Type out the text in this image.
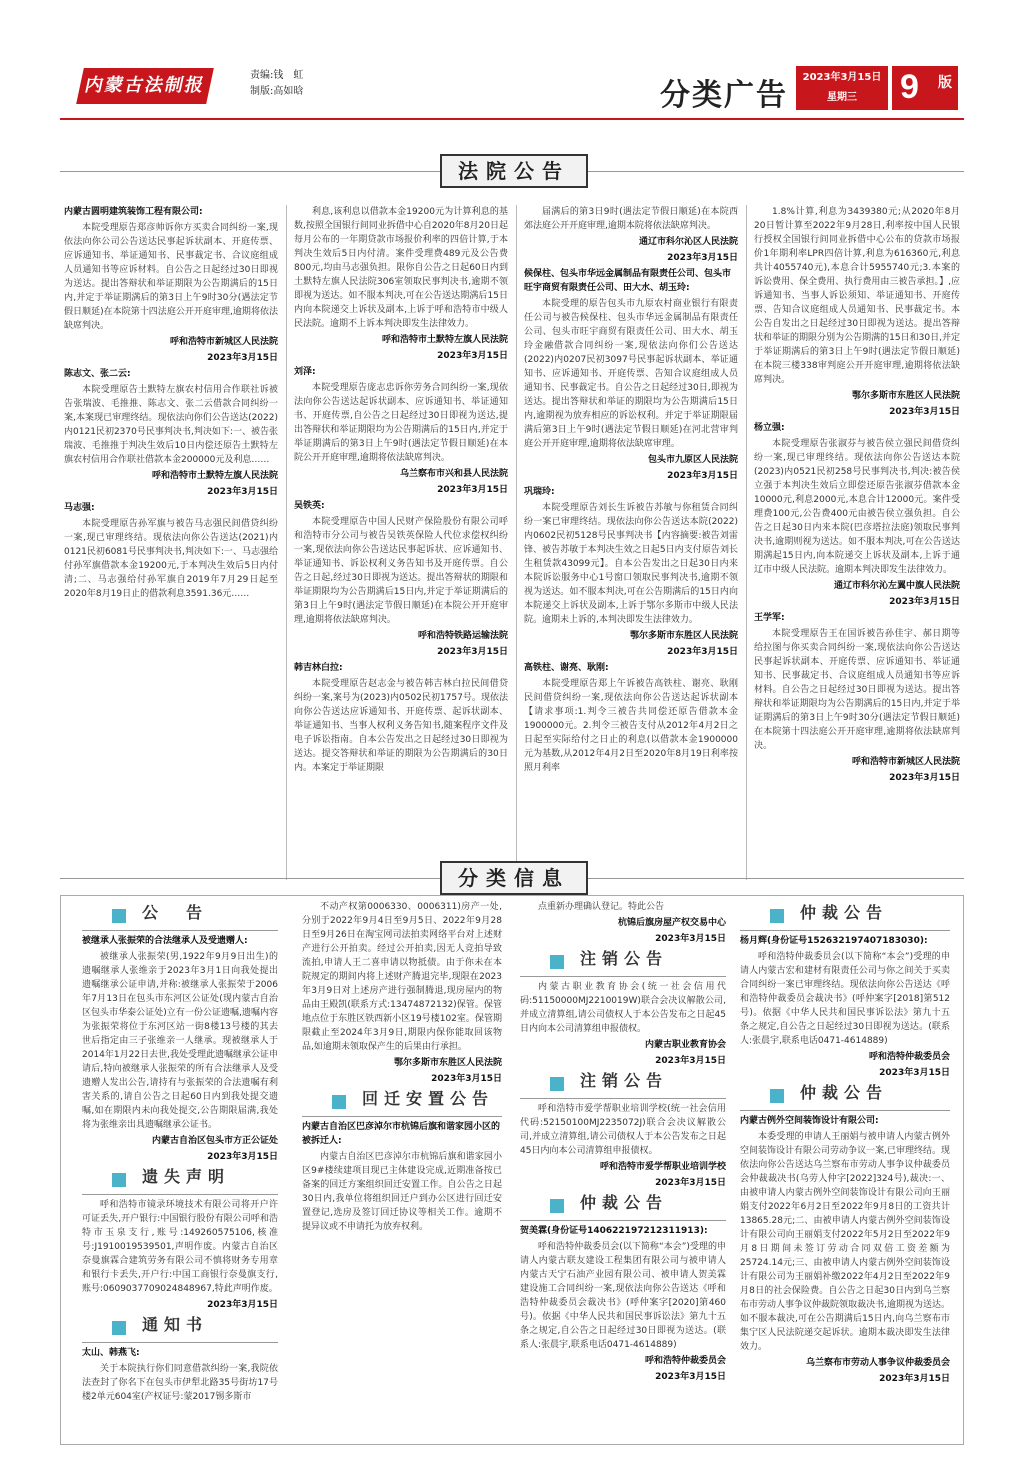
内蒙古法制报	责编:钱　虹
制版:高如晗	分类广告
2023年3月15日
星期三	9 版
法院公告

内蒙古圆明建筑装饰工程有限公司:

本院受理原告郑彦帅诉你方买卖合同纠纷一案,现依法向你公司公告送达民事起诉状副本、开庭传票、应诉通知书、举证通知书、民事裁定书、合议庭组成人员通知书等应诉材料。自公告之日起经过30日即视为送达。提出答辩状和举证期限为公告期满后的15日内,并定于举证期满后的第3日上午9时30分(遇法定节假日顺延)在本院第十四法庭公开开庭审理,逾期将依法缺席判决。

呼和浩特市新城区人民法院

2023年3月15日

陈志文、张二云:

本院受理原告土默特左旗农村信用合作联社诉被告张瑞波、毛推推、陈志文、张二云借款合同纠纷一案,本案现已审理终结。现依法向你们公告送达(2022)内0121民初2370号民事判决书,判决如下:一、被告张瑞波、毛推推于判决生效后10日内偿还原告土默特左旗农村信用合作联社借款本金200000元及利息……

呼和浩特市土默特左旗人民法院

2023年3月15日

马志强:

本院受理原告孙军旗与被告马志强民间借贷纠纷一案,现已审理终结。现依法向你公告送达(2021)内0121民初6081号民事判决书,判决如下:一、马志强给付孙军旗借款本金19200元,于本判决生效后5日内付清;二、马志强给付孙军旗自2019年7月29日起至2020年8月19日止的借款利息3591.36元……

利息,该利息以借款本金19200元为计算利息的基数,按照全国银行间同业拆借中心自2020年8月20日起每月公布的一年期贷款市场报价利率的四倍计算,于本判决生效后5日内付清。案件受理费489元及公告费800元,均由马志强负担。限你自公告之日起60日内到土默特左旗人民法院306室领取民事判决书,逾期不领即视为送达。如不服本判决,可在公告送达期满后15日内向本院递交上诉状及副本,上诉于呼和浩特市中级人民法院。逾期不上诉本判决即发生法律效力。

呼和浩特市土默特左旗人民法院

2023年3月15日

刘泽:

本院受理原告庞志忠诉你劳务合同纠纷一案,现依法向你公告送达起诉状副本、应诉通知书、举证通知书、开庭传票,自公告之日起经过30日即视为送达,提出答辩状和举证期限均为公告期满后的15日内,并定于举证期满后的第3日上午9时(遇法定节假日顺延)在本院公开开庭审理,逾期将依法缺席判决。

乌兰察布市兴和县人民法院

2023年3月15日

吴铁英:

本院受理原告中国人民财产保险股份有限公司呼和浩特市分公司与被告吴铁英保险人代位求偿权纠纷一案,现依法向你公告送达民事起诉状、应诉通知书、举证通知书、诉讼权利义务告知书及开庭传票。自公告之日起,经过30日即视为送达。提出答辩状的期限和举证期限均为公告期满后15日内,并定于举证期满后的第3日上午9时(遇法定节假日顺延)在本院公开开庭审理,逾期将依法缺席判决。

呼和浩特铁路运输法院

2023年3月15日

韩吉林白拉:

本院受理原告赵志金与被告韩吉林白拉民间借贷纠纷一案,案号为(2023)内0502民初1757号。现依法向你公告送达应诉通知书、开庭传票、起诉状副本、举证通知书、当事人权利义务告知书,随案程序文件及电子诉讼指南。自本公告发出之日起经过30日即视为送达。提交答辩状和举证的期限为公告期满后的30日内。本案定于举证期限

届满后的第3日9时(遇法定节假日顺延)在本院西郊法庭公开开庭审理,逾期本院将依法缺席判决。

通辽市科尔沁区人民法院

2023年3月15日

候保柱、包头市华远金属制品有限责任公司、包头市旺宇商贸有限责任公司、田大水、胡玉玲:

本院受理的原告包头市九原农村商业银行有限责任公司与被告候保柱、包头市华远金属制品有限责任公司、包头市旺宇商贸有限责任公司、田大水、胡玉玲金融借款合同纠纷一案,现依法向你们公告送达(2022)内0207民初3097号民事起诉状副本、举证通知书、应诉通知书、开庭传票、告知合议庭组成人员通知书、民事裁定书。自公告之日起经过30日,即视为送达。提出答辩状和举证的期限均为公告期满后15日内,逾期视为放弃相应的诉讼权利。并定于举证期限届满后第3日上午9时(遇法定节假日顺延)在河北营审判庭公开开庭审理,逾期将依法缺席审理。

包头市九原区人民法院

2023年3月15日

巩瑞玲:

本院受理原告刘长生诉被告苏敏与你租赁合同纠纷一案已审理终结。现依法向你公告送达本院(2022)内0602民初5128号民事判决书【内容摘要:被告刘雷锋、被告苏敏于本判决生效之日起5日内支付原告刘长生租赁款43099元】。自本公告发出之日起30日内来本院诉讼服务中心1号窗口领取民事判决书,逾期不领视为送达。如不服本判决,可在公告期满后的15日内向本院递交上诉状及副本,上诉于鄂尔多斯市中级人民法院。逾期未上诉的,本判决即发生法律效力。

鄂尔多斯市东胜区人民法院

2023年3月15日

高铁柱、谢亮、耿刚:

本院受理原告郑上午诉被告高铁柱、谢亮、耿刚民间借贷纠纷一案,现依法向你公告送达起诉状副本【请求事项:1.判令三被告共同偿还原告借款本金1900000元。2.判令三被告支付从2012年4月2日之日起至实际给付之日止的利息(以借款本金1900000元为基数,从2012年4月2日至2020年8月19日利率按照月利率

1.8%计算,利息为3439380元;从2020年8月20日暂计算至2022年9月28日,利率按中国人民银行授权全国银行间同业拆借中心公布的贷款市场报价1年期利率LPR四倍计算,利息为616360元,利息共计4055740元),本息合计5955740元;3.本案的诉讼费用、保全费用、执行费用由三被告承担。】,应诉通知书、当事人诉讼须知、举证通知书、开庭传票、告知合议庭组成人员通知书、民事裁定书。本公告自发出之日起经过30日即视为送达。提出答辩状和举证的期限分别为公告期满的15日和30日,并定于举证期满后的第3日上午9时(遇法定节假日顺延)在本院三楼338审判庭公开开庭审理,逾期将依法缺席判决。

鄂尔多斯市东胜区人民法院

2023年3月15日

杨立强:

本院受理原告张淑芬与被告侯立强民间借贷纠纷一案,现已审理终结。现依法向你公告送达本院(2023)内0521民初258号民事判决书,判决:被告侯立强于本判决生效后立即偿还原告张淑芬借款本金10000元,利息2000元,本息合计12000元。案件受理费100元,公告费400元由被告侯立强负担。自公告之日起30日内来本院(巴彦塔拉法庭)领取民事判决书,逾期则视为送达。如不服本判决,可在公告送达期满起15日内,向本院递交上诉状及副本,上诉于通辽市中级人民法院。逾期本判决即发生法律效力。

通辽市科尔沁左翼中旗人民法院

2023年3月15日

王学军:

本院受理原告王在国诉被告孙佳宇、郝日期等给拉图与你买卖合同纠纷一案,现依法向你公告送达民事起诉状副本、开庭传票、应诉通知书、举证通知书、民事裁定书、合议庭组成人员通知书等应诉材料。自公告之日起经过30日即视为送达。提出答辩状和举证期限均为公告期满后的15日内,并定于举证期满后的第3日上午9时30分(遇法定节假日顺延)在本院第十四法庭公开开庭审理,逾期将依法缺席判决。

呼和浩特市新城区人民法院

2023年3月15日

分类信息
公　告

被继承人张振荣的合法继承人及受遗赠人:

被继承人张振荣(男,1922年9月9日出生)的遗嘱继承人张维亲于2023年3月1日向我处提出遗嘱继承公证申请,并称:被继承人张振荣于2006年7月13日在包头市东河区公证处(现内蒙古自治区包头市华泰公证处)立有一份公证遗嘱,遗嘱内容为张振荣将位于东河区站一街8楼13号楼的其去世后指定由三子张维亲一人继承。现被继承人于2014年1月22日去世,我处受理此遗嘱继承公证申请后,特向被继承人张振荣的所有合法继承人及受遗赠人发出公告,请持有与张振荣的合法遗嘱有利害关系的,请自公告之日起60日内到我处提交遗嘱,如在期限内未向我处提交,公告期限届满,我处将为张维亲出具遗嘱继承公证书。

内蒙古自治区包头市方正公证处

2023年3月15日

遗失声明

呼和浩特市镜录环境技术有限公司将开户许可证丢失,开户银行:中国银行股份有限公司呼和浩特市玉泉支行,账号:149260575106,核准号:J1910019539501,声明作废。内蒙古自治区奈曼旗霖合建筑劳务有限公司不慎将财务专用章和银行卡丢失,开户行:中国工商银行奈曼旗支行,账号:0609037709024848967,特此声明作废。

2023年3月15日

通知书

太山、韩燕飞:

关于本院执行你们同意借款纠纷一案,我院依法查封了你名下在包头市伊犁北路35号街坊17号楼2单元604室(产权证号:蒙2017锡多斯市

不动产权第0006330、0006311)房产一处,分别于2022年9月4日至9月5日、2022年9月28日至9月26日在淘宝网司法拍卖网络平台对上述财产进行公开拍卖。经过公开拍卖,因无人竞拍导致流拍,申请人王二喜申请以物抵债。由于你未在本院规定的期间内将上述财产腾退完毕,现限在2023年3月9日对上述房产进行强制腾退,现房屋内的物品由王殿凯(联系方式:13474872132)保管。保管地点位于东胜区铁西新小区19号楼102室。保管期限截止至2024年3月9日,期限内保你能取回该物品,如逾期未领取保产生的后果由行承担。

鄂尔多斯市东胜区人民法院

2023年3月15日

回迁安置公告

内蒙古自治区巴彦淖尔市杭锦后旗和谐家园小区的被拆迁人:

内蒙古自治区巴彦淖尔市杭锦后旗和谐家园小区9#楼续建项目现已主体建设完成,近期准备按已备案的回迁方案组织回迁安置工作。自公告之日起30日内,我单位将组织回迁户到办公区进行回迁安置登记,选房及签订回迁协议等相关工作。逾期不提异议或不申请托为放弃权利。

点重新办理确认登记。特此公告

杭锦后旗房屋产权交易中心

2023年3月15日

注销公告

内蒙古职业教育协会(统一社会信用代码:51150000MJ2210019W)联合会决议解散公司,并成立清算组,请公司债权人于本公告发布之日起45日内向本公司清算组申报债权。

内蒙古职业教育协会

2023年3月15日

注销公告

呼和浩特市爱学帮职业培训学校(统一社会信用代码:52150100MJ2235072J)联合会决议解散公司,并成立清算组,请公司债权人于本公告发布之日起45日内向本公司清算组申报债权。

呼和浩特市爱学帮职业培训学校

2023年3月15日

仲裁公告

贺美霖(身份证号140622197212311913):

呼和浩特仲裁委员会(以下简称“本会”)受理的申请人内蒙古联友建设工程集团有限公司与被申请人内蒙古天宁石油产业园有限公司、被申请人贺美霖建设施工合同纠纷一案,现依法向你公告送达《呼和浩特仲裁委员会裁决书》(呼仲案字[2020]第460号)。依据《中华人民共和国民事诉讼法》第九十五条之规定,自公告之日起经过30日即视为送达。(联系人:张晨宇,联系电话0471-4614889)

呼和浩特仲裁委员会

2023年3月15日

仲裁公告

杨月辉(身份证号152632197407183030):

呼和浩特仲裁委员会(以下简称“本会”)受理的申请人内蒙古宏和建材有限责任公司与你之间关于买卖合同纠纷一案已审理终结。现依法向你公告送达《呼和浩特仲裁委员会裁决书》(呼仲案字[2018]第512号)。依据《中华人民共和国民事诉讼法》第九十五条之规定,自公告之日起经过30日即视为送达。(联系人:张晨宇,联系电话0471-4614889)

呼和浩特仲裁委员会

2023年3月15日

仲裁公告

内蒙古例外空间装饰设计有限公司:

本委受理的申请人王丽娟与被申请人内蒙古例外空间装饰设计有限公司劳动争议一案,已审理终结。现依法向你公告送达乌兰察布市劳动人事争议仲裁委员会仲裁裁决书(乌劳人仲字[2022]324号),裁决:一、由被申请人内蒙古例外空间装饰设计有限公司向王丽娟支付2022年6月2日至2022年9月8日的工资共计13865.28元;二、由被申请人内蒙古例外空间装饰设计有限公司向王丽娟支付2022年5月2日至2022年9月8日期间未签订劳动合同双倍工资差额为25724.14元;三、由被申请人内蒙古例外空间装饰设计有限公司为王丽娟补缴2022年4月2日至2022年9月8日的社会保险费。自公告之日起30日内到乌兰察布市劳动人事争议仲裁院领取裁决书,逾期视为送达。如不服本裁决,可在公告期满后15日内,向乌兰察布市集宁区人民法院递交起诉状。逾期本裁决即发生法律效力。

乌兰察布市劳动人事争议仲裁委员会

2023年3月15日
